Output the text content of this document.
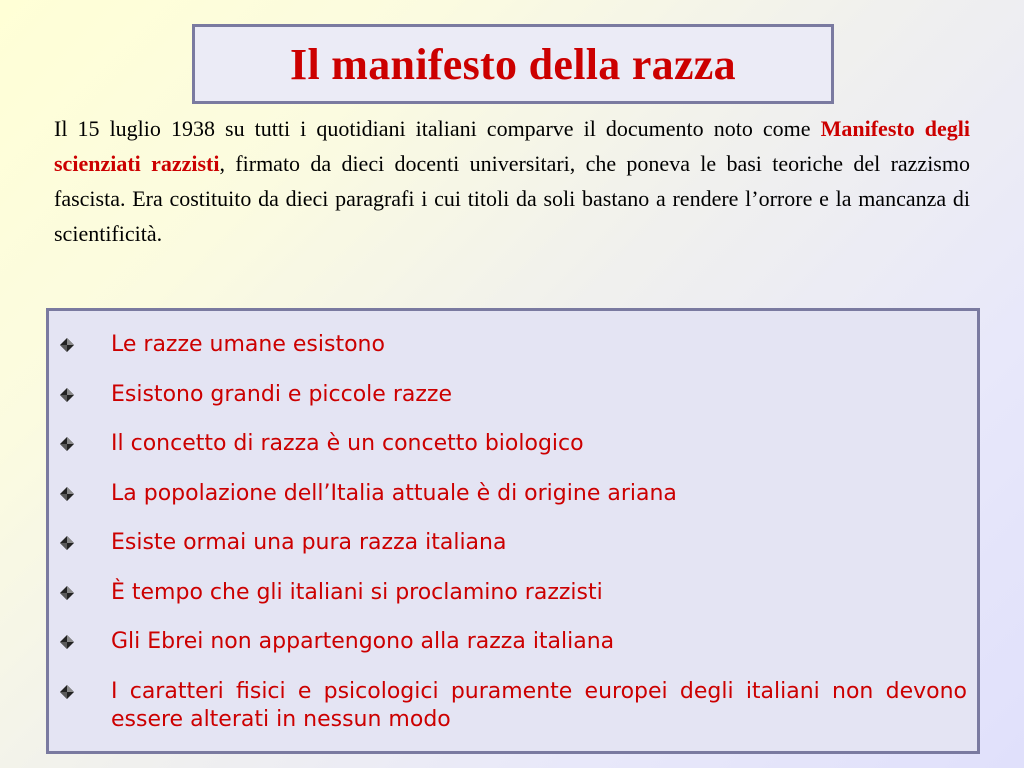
Il manifesto della razza

Il 15 luglio 1938 su tutti i quotidiani italiani comparve il documento noto come Manifesto degli scienziati razzisti, firmato da dieci docenti universitari, che poneva le basi teoriche del razzismo fascista. Era costituito da dieci paragrafi i cui titoli da soli bastano a rendere l’orrore e la mancanza di scientificità.

Le razze umane esistono
Esistono grandi e piccole razze
Il concetto di razza è un concetto biologico
La popolazione dell’Italia attuale è di origine ariana
Esiste ormai una pura razza italiana
È tempo che gli italiani si proclamino razzisti
Gli Ebrei non appartengono alla razza italiana
I caratteri fisici e psicologici puramente europei degli italiani non devono essere alterati in nessun modo
